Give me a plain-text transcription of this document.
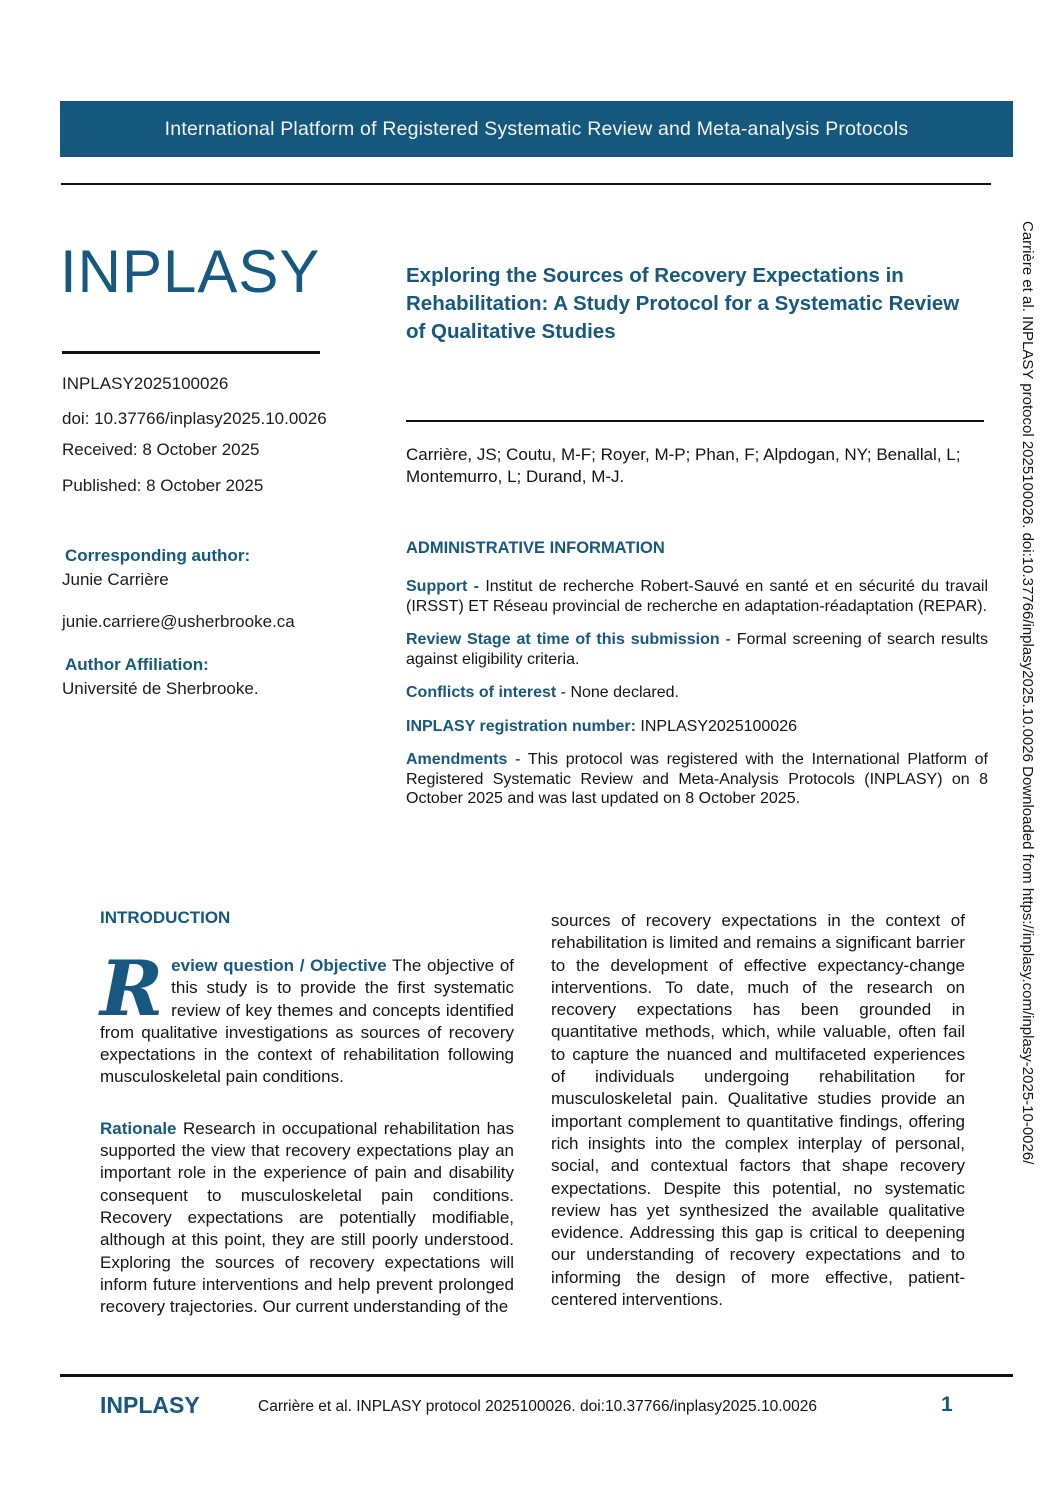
International Platform of Registered Systematic Review and Meta-analysis Protocols
INPLASY
INPLASY2025100026
doi: 10.37766/inplasy2025.10.0026
Received: 8 October 2025
Published: 8 October 2025
Corresponding author:
Junie Carrière
junie.carriere@usherbrooke.ca
Author Affiliation:
Université de Sherbrooke.
Exploring the Sources of Recovery Expectations in Rehabilitation: A Study Protocol for a Systematic Review of Qualitative Studies
Carrière, JS; Coutu, M-F; Royer, M-P; Phan, F; Alpdogan, NY; Benallal, L; Montemurro, L; Durand, M-J.
ADMINISTRATIVE INFORMATION

Support - Institut de recherche Robert-Sauvé en santé et en sécurité du travail (IRSST) ET Réseau provincial de recherche en adaptation-réadaptation (REPAR).

Review Stage at time of this submission - Formal screening of search results against eligibility criteria.

Conflicts of interest - None declared.

INPLASY registration number: INPLASY2025100026

Amendments - This protocol was registered with the International Platform of Registered Systematic Review and Meta-Analysis Protocols (INPLASY) on 8 October 2025 and was last updated on 8 October 2025.

INTRODUCTION

Review question / Objective The objective of this study is to provide the first systematic review of key themes and concepts identified from qualitative investigations as sources of recovery expectations in the context of rehabilitation following musculoskeletal pain conditions.

Rationale Research in occupational rehabilitation has supported the view that recovery expectations play an important role in the experience of pain and disability consequent to musculoskeletal pain conditions. Recovery expectations are potentially modifiable, although at this point, they are still poorly understood. Exploring the sources of recovery expectations will inform future interventions and help prevent prolonged recovery trajectories. Our current understanding of the

sources of recovery expectations in the context of rehabilitation is limited and remains a significant barrier to the development of effective expectancy-change interventions. To date, much of the research on recovery expectations has been grounded in quantitative methods, which, while valuable, often fail to capture the nuanced and multifaceted experiences of individuals undergoing rehabilitation for musculoskeletal pain. Qualitative studies provide an important complement to quantitative findings, offering rich insights into the complex interplay of personal, social, and contextual factors that shape recovery expectations. Despite this potential, no systematic review has yet synthesized the available qualitative evidence. Addressing this gap is critical to deepening our understanding of recovery expectations and to informing the design of more effective, patient-centered interventions.

INPLASY	Carrière et al. INPLASY protocol 2025100026. doi:10.37766/inplasy2025.10.0026	1
Carrière et al. INPLASY protocol 2025100026. doi:10.37766/inplasy2025.10.0026 Downloaded from https://inplasy.com/inplasy-2025-10-0026/
